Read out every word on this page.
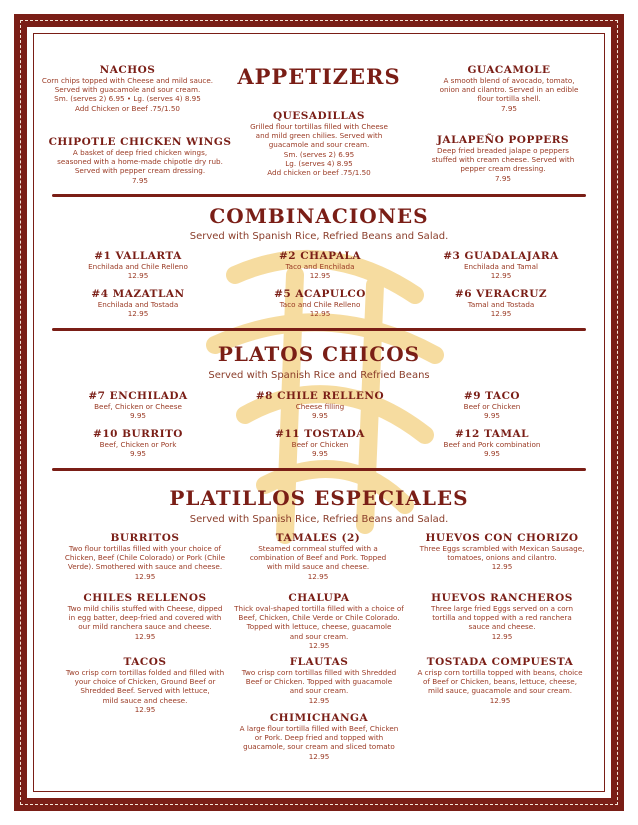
APPETIZERS
NACHOS
Corn chips topped with Cheese and mild sauce.
Served with guacamole and sour cream.
Sm. (serves 2) 6.95 • Lg. (serves 4) 8.95
Add Chicken or Beef .75/1.50
GUACAMOLE
A smooth blend of avocado, tomato,
onion and cilantro. Served in an edible
flour tortilla shell.
7.95
QUESADILLAS
Grilled flour tortillas filled with Cheese
and mild green chilies. Served with
guacamole and sour cream.
Sm. (serves 2) 6.95
Lg. (serves 4) 8.95
Add chicken or beef .75/1.50
CHIPOTLE CHICKEN WINGS
A basket of deep fried chicken wings,
seasoned with a home-made chipotle dry rub.
Served with pepper cream dressing.
7.95
JALAPEÑO POPPERS
Deep fried breaded jalape o peppers
stuffed with cream cheese. Served with
pepper cream dressing.
7.95
COMBINACIONES

Served with Spanish Rice, Refried Beans and Salad.

#1 VALLARTA
Enchilada and Chile Relleno
12.95
#2 CHAPALA
Taco and Enchilada
12.95
#3 GUADALAJARA
Enchilada and Tamal
12.95
#4 MAZATLAN
Enchilada and Tostada
12.95
#5 ACAPULCO
Taco and Chile Relleno
12.95
#6 VERACRUZ
Tamal and Tostada
12.95
PLATOS CHICOS

Served with Spanish Rice and Refried Beans

#7 ENCHILADA
Beef, Chicken or Cheese
9.95
#8 CHILE RELLENO
Cheese filling
9.95
#9 TACO
Beef or Chicken
9.95
#10 BURRITO
Beef, Chicken or Pork
9.95
#11 TOSTADA
Beef or Chicken
9.95
#12 TAMAL
Beef and Pork combination
9.95
PLATILLOS ESPECIALES

Served with Spanish Rice, Refried Beans and Salad.

BURRITOS
Two flour tortillas filled with your choice of
Chicken, Beef (Chile Colorado) or Pork (Chile
Verde). Smothered with sauce and cheese.
12.95
TAMALES (2)
Steamed cornmeal stuffed with a
combination of Beef and Pork. Topped
with mild sauce and cheese.
12.95
HUEVOS CON CHORIZO
Three Eggs scrambled with Mexican Sausage,
tomatoes, onions and cilantro.
12.95
CHILES RELLENOS
Two mild chilis stuffed with Cheese, dipped
in egg batter, deep-fried and covered with
our mild ranchera sauce and cheese.
12.95
CHALUPA
Thick oval-shaped tortilla filled with a choice of
Beef, Chicken, Chile Verde or Chile Colorado.
Topped with lettuce, cheese, guacamole
and sour cream.
12.95
HUEVOS RANCHEROS
Three large fried Eggs served on a corn
tortilla and topped with a red ranchera
sauce and cheese.
12.95
TACOS
Two crisp corn tortillas folded and filled with
your choice of Chicken, Ground Beef or
Shredded Beef. Served with lettuce,
mild sauce and cheese.
12.95
FLAUTAS
Two crisp corn tortillas filled with Shredded
Beef or Chicken. Topped with guacamole
and sour cream.
12.95
TOSTADA COMPUESTA
A crisp corn tortilla topped with beans, choice
of Beef or Chicken, beans, lettuce, cheese,
mild sauce, guacamole and sour cream.
12.95
CHIMICHANGA
A large flour tortilla filled with Beef, Chicken
or Pork. Deep fried and topped with
guacamole, sour cream and sliced tomato
12.95
